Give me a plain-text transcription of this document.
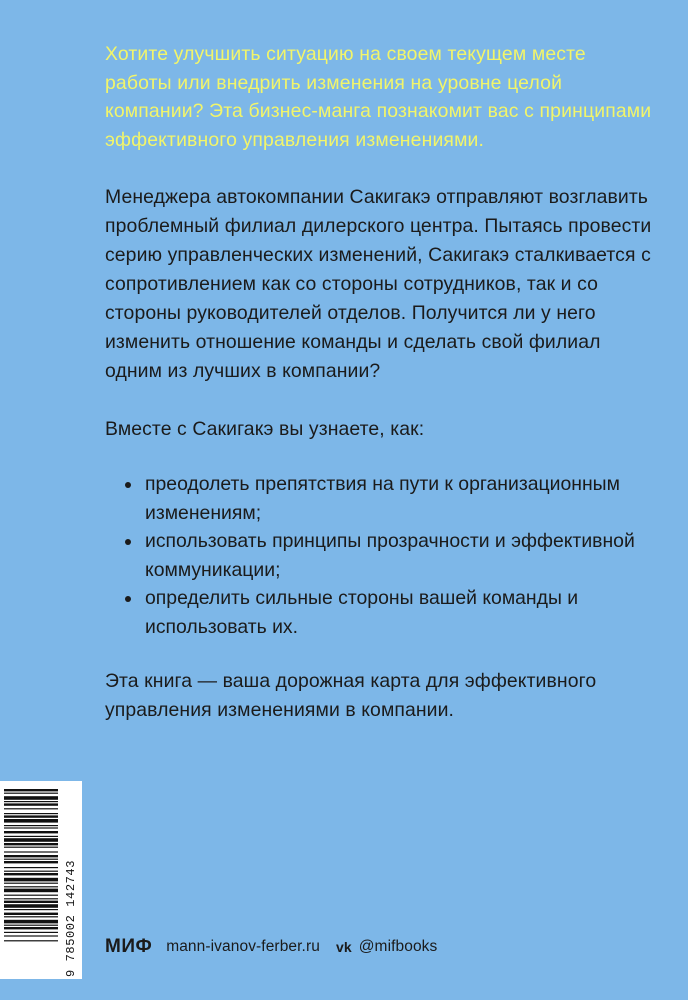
Хотите улучшить ситуацию на своем текущем месте работы или внедрить изменения на уровне целой компании? Эта бизнес-манга познакомит вас с принципами эффективного управления изменениями.

Менеджера автокомпании Сакигакэ отправляют возглавить проблемный филиал дилерского центра. Пытаясь провести серию управленческих изменений, Сакигакэ сталкивается с сопротивлением как со стороны сотрудников, так и со стороны руководителей отделов. Получится ли у него изменить отношение команды и сделать свой филиал одним из лучших в компании?

Вместе с Сакигакэ вы узнаете, как:

преодолеть препятствия на пути к организационным изменениям;
использовать принципы прозрачности и эффективной коммуникации;
определить сильные стороны вашей команды и использовать их.

Эта книга — ваша дорожная карта для эффективного управления изменениями в компании.

9 785002 142743 МИФ mann-ivanov-ferber.ru vk @mifbooks
